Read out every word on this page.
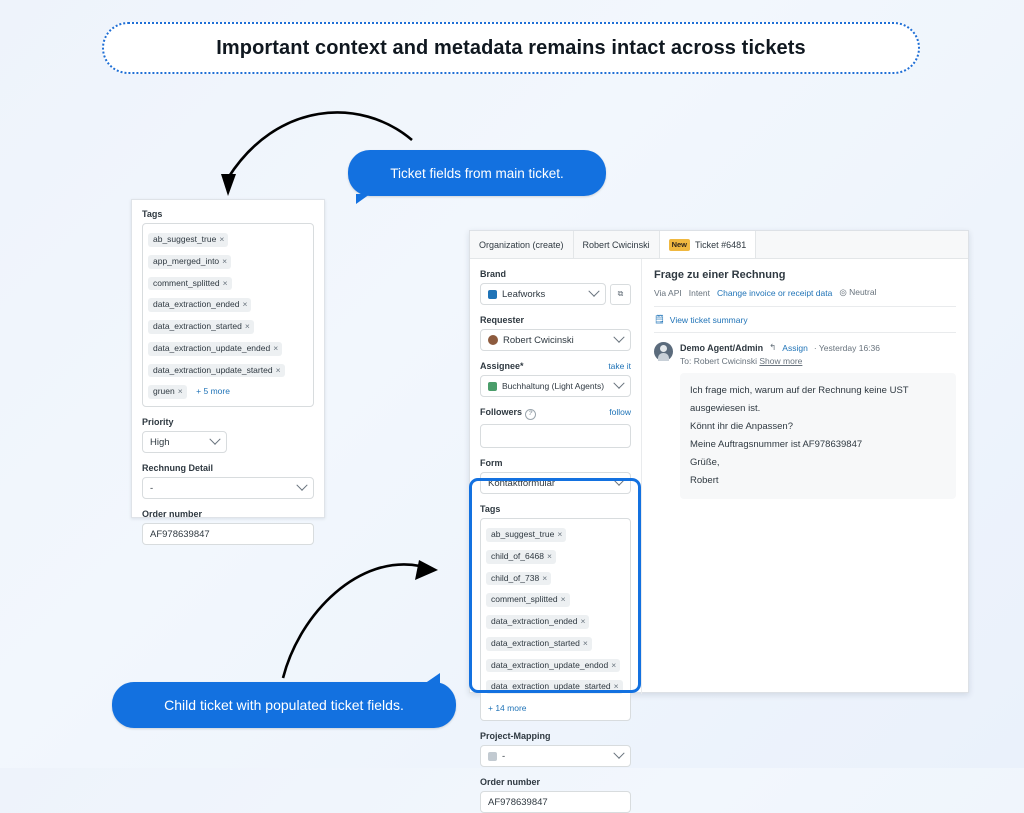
Important context and metadata remains intact across tickets
Ticket fields from main ticket.
Child ticket with populated ticket fields.
Tags
ab_suggest_true × app_merged_into × comment_splitted × data_extraction_ended × data_extraction_started × data_extraction_update_ended × data_extraction_update_started × gruen × + 5 more
Priority
High
Rechnung Detail
-
Order number
AF978639847
Organization (create) Robert Cwicinski	New Ticket #6481
Brand
Leafworks	⧉
Requester
Robert Cwicinski
Assignee*	take it
Buchhaltung (Light Agents)
Followers ?	follow
Form
Kontaktformular
Tags
ab_suggest_true × child_of_6468 × child_of_738 × comment_splitted × data_extraction_ended × data_extraction_started × data_extraction_update_endod × data_extraction_update_started × + 14 more
Project-Mapping
-
Order number
AF978639847
Frage zu einer Rechnung
Via API Intent Change invoice or receipt data ◎ Neutral
🗒 View ticket summary
Demo Agent/Admin ↰ Assign · Yesterday 16:36
To: Robert Cwicinski Show more
Ich frage mich, warum auf der Rechnung keine UST ausgewiesen ist.
Könnt ihr die Anpassen?
Meine Auftragsnummer ist AF978639847
Grüße,
Robert
